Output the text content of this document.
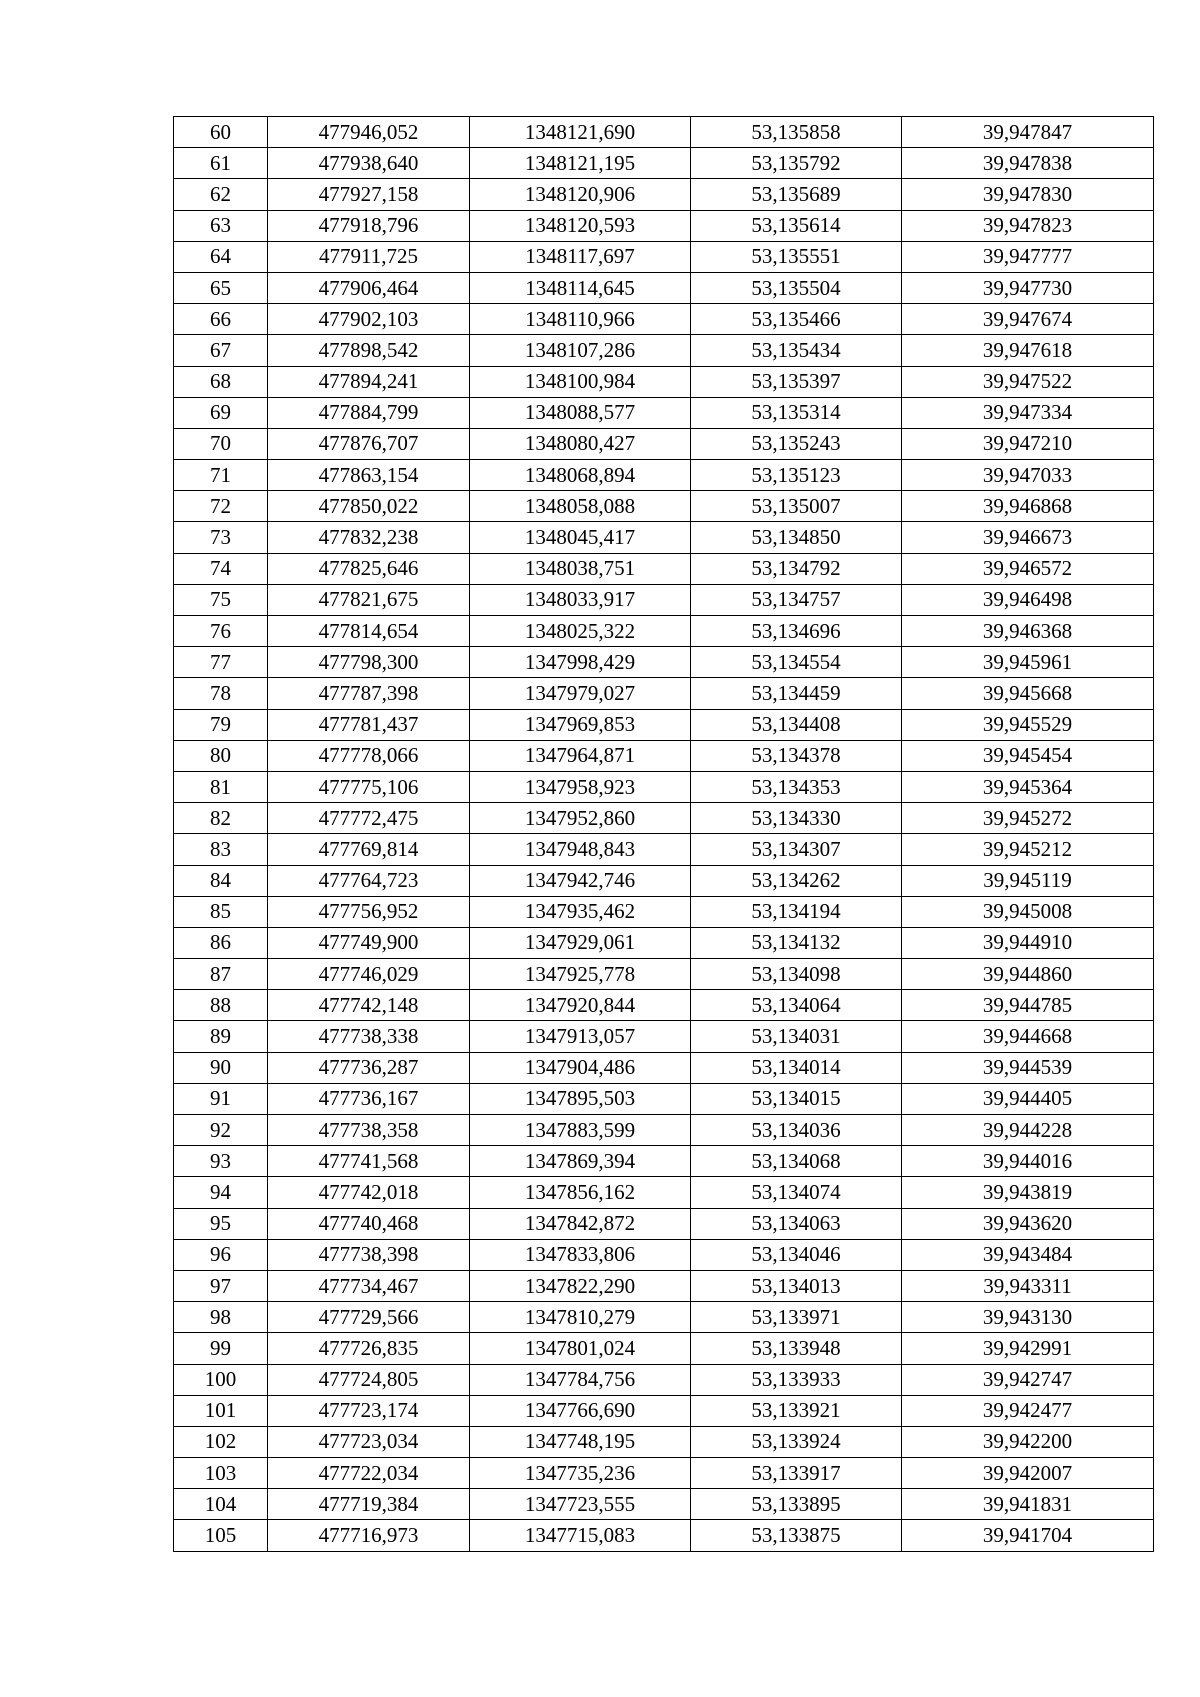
60	477946,052	1348121,690	53,135858	39,947847
61	477938,640	1348121,195	53,135792	39,947838
62	477927,158	1348120,906	53,135689	39,947830
63	477918,796	1348120,593	53,135614	39,947823
64	477911,725	1348117,697	53,135551	39,947777
65	477906,464	1348114,645	53,135504	39,947730
66	477902,103	1348110,966	53,135466	39,947674
67	477898,542	1348107,286	53,135434	39,947618
68	477894,241	1348100,984	53,135397	39,947522
69	477884,799	1348088,577	53,135314	39,947334
70	477876,707	1348080,427	53,135243	39,947210
71	477863,154	1348068,894	53,135123	39,947033
72	477850,022	1348058,088	53,135007	39,946868
73	477832,238	1348045,417	53,134850	39,946673
74	477825,646	1348038,751	53,134792	39,946572
75	477821,675	1348033,917	53,134757	39,946498
76	477814,654	1348025,322	53,134696	39,946368
77	477798,300	1347998,429	53,134554	39,945961
78	477787,398	1347979,027	53,134459	39,945668
79	477781,437	1347969,853	53,134408	39,945529
80	477778,066	1347964,871	53,134378	39,945454
81	477775,106	1347958,923	53,134353	39,945364
82	477772,475	1347952,860	53,134330	39,945272
83	477769,814	1347948,843	53,134307	39,945212
84	477764,723	1347942,746	53,134262	39,945119
85	477756,952	1347935,462	53,134194	39,945008
86	477749,900	1347929,061	53,134132	39,944910
87	477746,029	1347925,778	53,134098	39,944860
88	477742,148	1347920,844	53,134064	39,944785
89	477738,338	1347913,057	53,134031	39,944668
90	477736,287	1347904,486	53,134014	39,944539
91	477736,167	1347895,503	53,134015	39,944405
92	477738,358	1347883,599	53,134036	39,944228
93	477741,568	1347869,394	53,134068	39,944016
94	477742,018	1347856,162	53,134074	39,943819
95	477740,468	1347842,872	53,134063	39,943620
96	477738,398	1347833,806	53,134046	39,943484
97	477734,467	1347822,290	53,134013	39,943311
98	477729,566	1347810,279	53,133971	39,943130
99	477726,835	1347801,024	53,133948	39,942991
100	477724,805	1347784,756	53,133933	39,942747
101	477723,174	1347766,690	53,133921	39,942477
102	477723,034	1347748,195	53,133924	39,942200
103	477722,034	1347735,236	53,133917	39,942007
104	477719,384	1347723,555	53,133895	39,941831
105	477716,973	1347715,083	53,133875	39,941704
